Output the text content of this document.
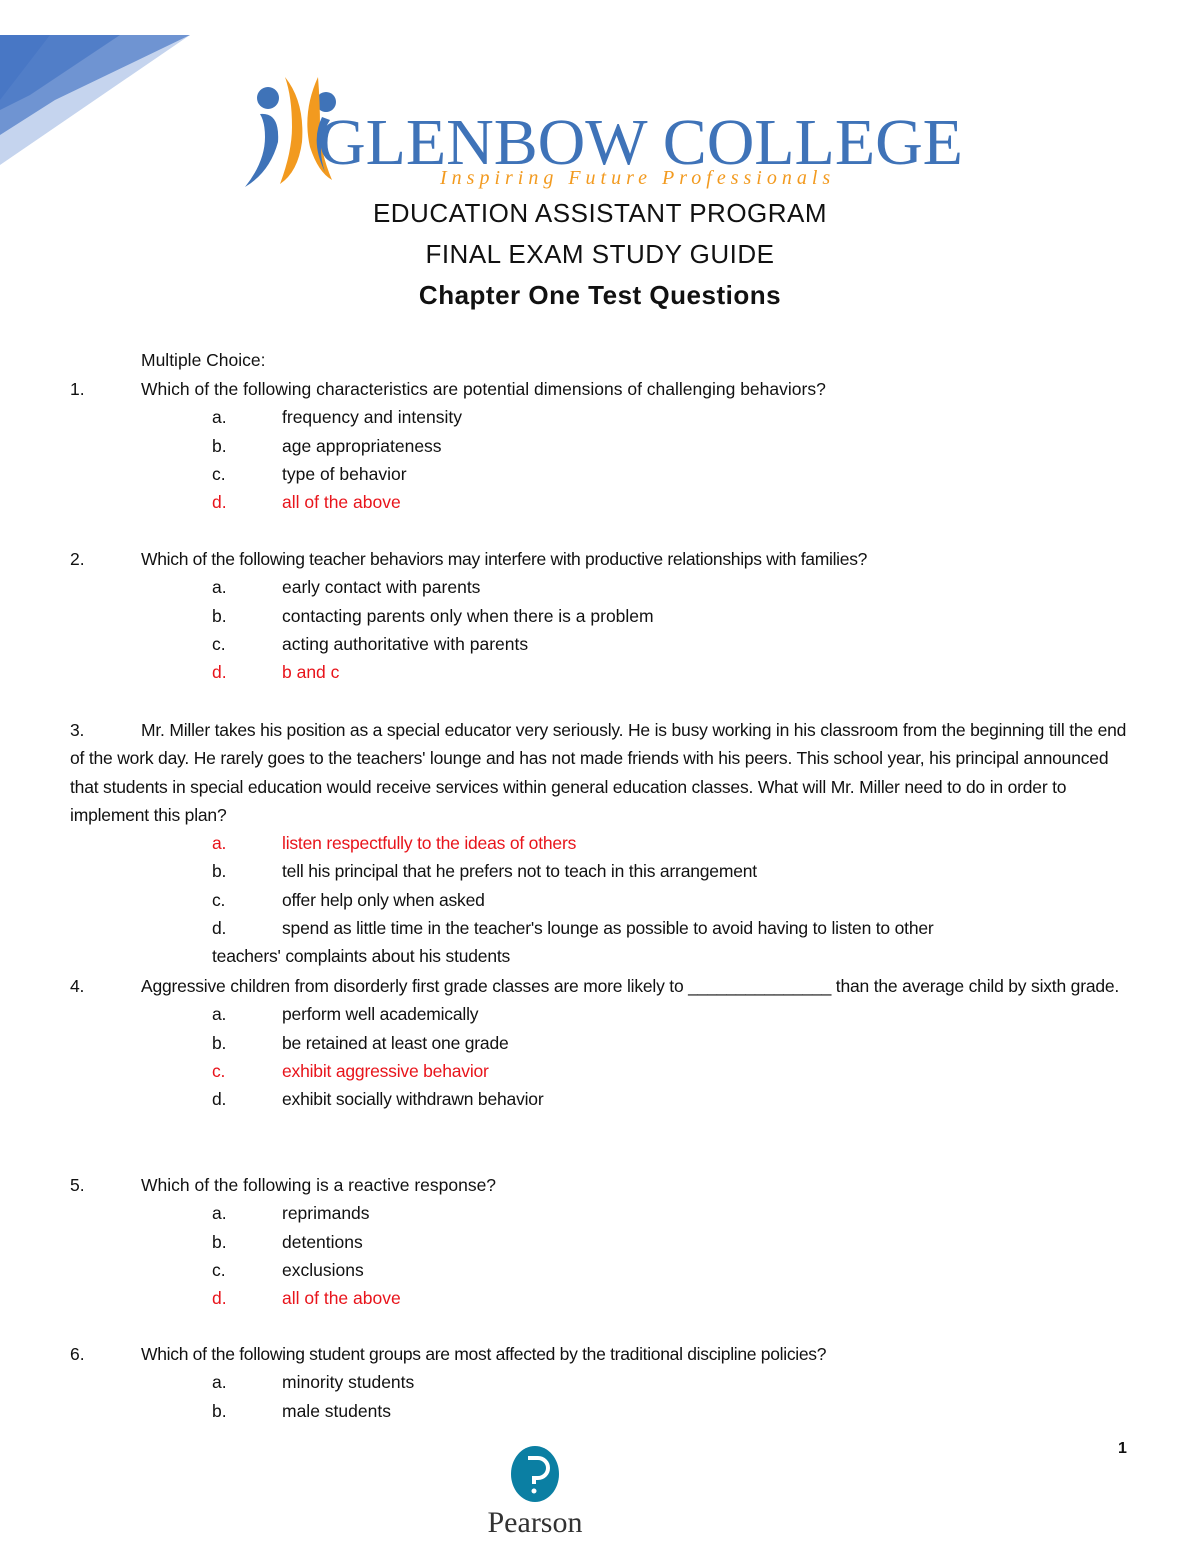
GLENBOW COLLEGE
Inspiring Future Professionals
EDUCATION ASSISTANT PROGRAM
FINAL EXAM STUDY GUIDE
Chapter One Test Questions
Multiple Choice:
1.	Which of the following characteristics are potential dimensions of challenging behaviors?
a.	frequency and intensity
b.	age appropriateness
c.	type of behavior
d.	all of the above
2.	Which of the following teacher behaviors may interfere with productive relationships with families?
a.	early contact with parents
b.	contacting parents only when there is a problem
c.	acting authoritative with parents
d.	b and c

3.	Mr. Miller takes his position as a special educator very seriously. He is busy working in his classroom from the beginning till the end of the work day. He rarely goes to the teachers' lounge and has not made friends with his peers. This school year, his principal announced that students in special education would receive services within general education classes. What will Mr. Miller need to do in order to implement this plan?

a.	listen respectfully to the ideas of others
b.	tell his principal that he prefers not to teach in this arrangement
c.	offer help only when asked
d.	spend as little time in the teacher's lounge as possible to avoid having to listen to other
teachers' complaints about his students

4.	Aggressive children from disorderly first grade classes are more likely to _______________ than the average child by sixth grade.

a.	perform well academically
b.	be retained at least one grade
c.	exhibit aggressive behavior
d.	exhibit socially withdrawn behavior
5.	Which of the following is a reactive response?
a.	reprimands
b.	detentions
c.	exclusions
d.	all of the above
6.	Which of the following student groups are most affected by the traditional discipline policies?
a.	minority students
b.	male students
Pearson
1
